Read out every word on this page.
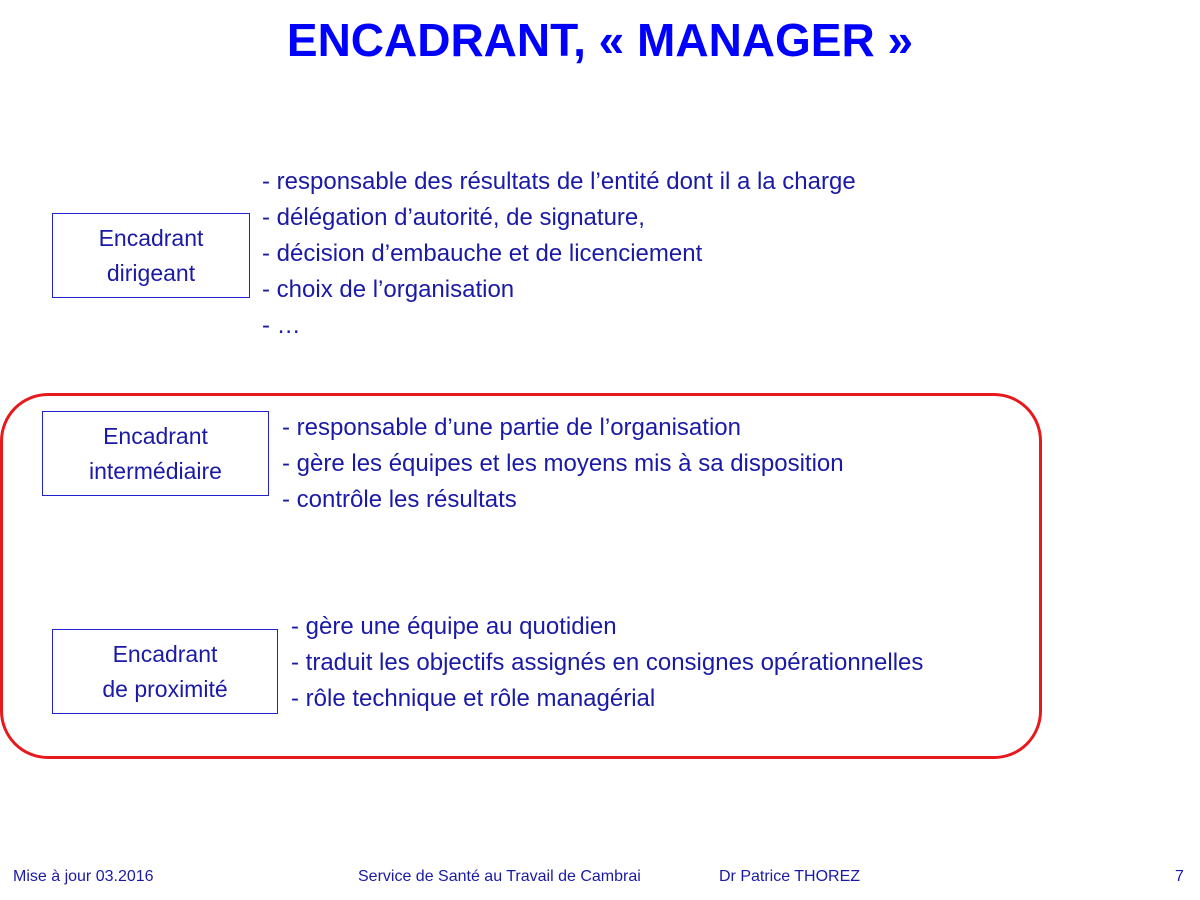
ENCADRANT, « MANAGER »
Encadrant
dirigeant
- responsable des résultats de l’entité dont il a la charge
- délégation d’autorité, de signature,
- décision d’embauche et de licenciement
- choix de l’organisation
- …
Encadrant
intermédiaire
- responsable d’une partie de l’organisation
- gère les équipes et les moyens mis à sa disposition
- contrôle les résultats
Encadrant
de proximité
- gère une équipe au quotidien
- traduit les objectifs assignés en consignes opérationnelles
- rôle technique et rôle managérial
Mise à jour 03.2016	Service de Santé au Travail de Cambrai	Dr Patrice THOREZ	7
